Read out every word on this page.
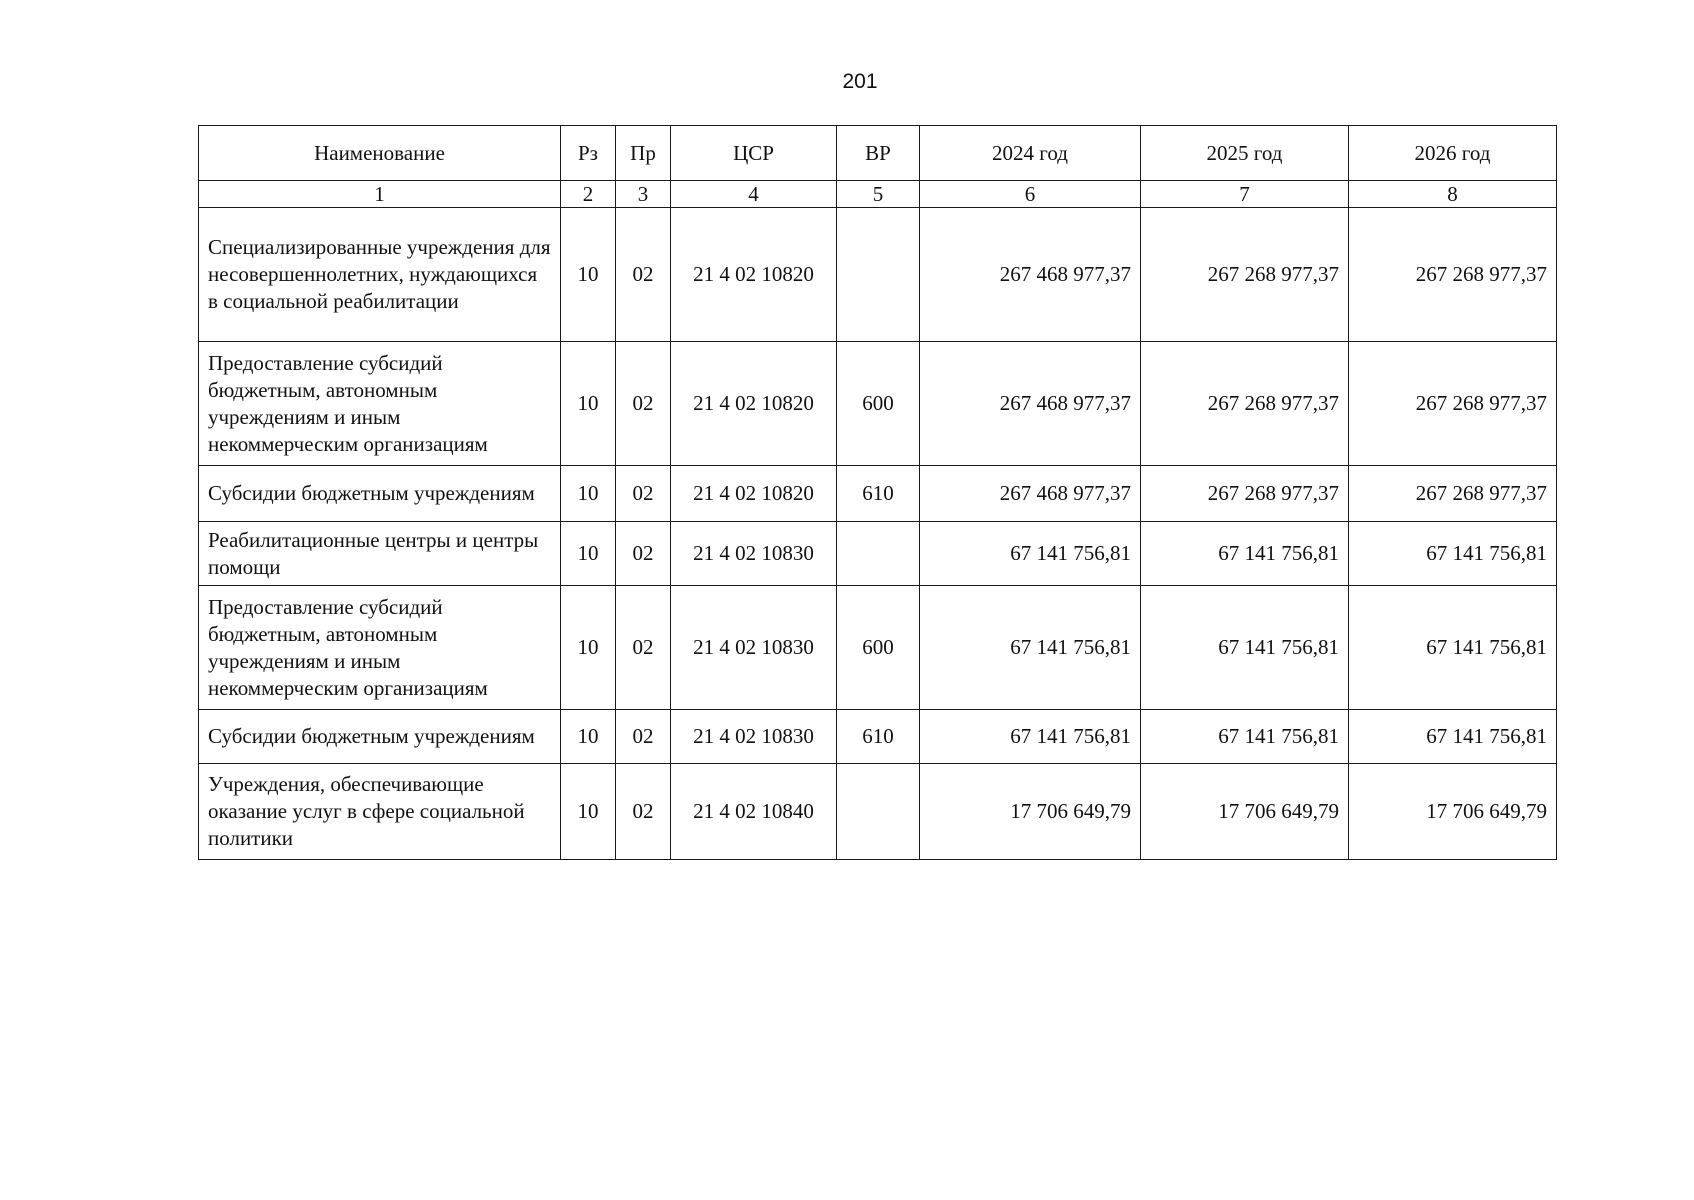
201
Наименование	Рз	Пр	ЦСР	ВР	2024 год	2025 год	2026 год
1	2	3	4	5	6	7	8
Специализированные учреждения для несовершеннолетних, нуждающихся в социальной реабилитации	10	02	21 4 02 10820		267 468 977,37	267 268 977,37	267 268 977,37
Предоставление субсидий бюджетным, автономным учреждениям и иным некоммерческим организациям	10	02	21 4 02 10820	600	267 468 977,37	267 268 977,37	267 268 977,37
Субсидии бюджетным учреждениям	10	02	21 4 02 10820	610	267 468 977,37	267 268 977,37	267 268 977,37
Реабилитационные центры и центры помощи	10	02	21 4 02 10830		67 141 756,81	67 141 756,81	67 141 756,81
Предоставление субсидий бюджетным, автономным учреждениям и иным некоммерческим организациям	10	02	21 4 02 10830	600	67 141 756,81	67 141 756,81	67 141 756,81
Субсидии бюджетным учреждениям	10	02	21 4 02 10830	610	67 141 756,81	67 141 756,81	67 141 756,81
Учреждения, обеспечивающие оказание услуг в сфере социальной политики	10	02	21 4 02 10840		17 706 649,79	17 706 649,79	17 706 649,79
